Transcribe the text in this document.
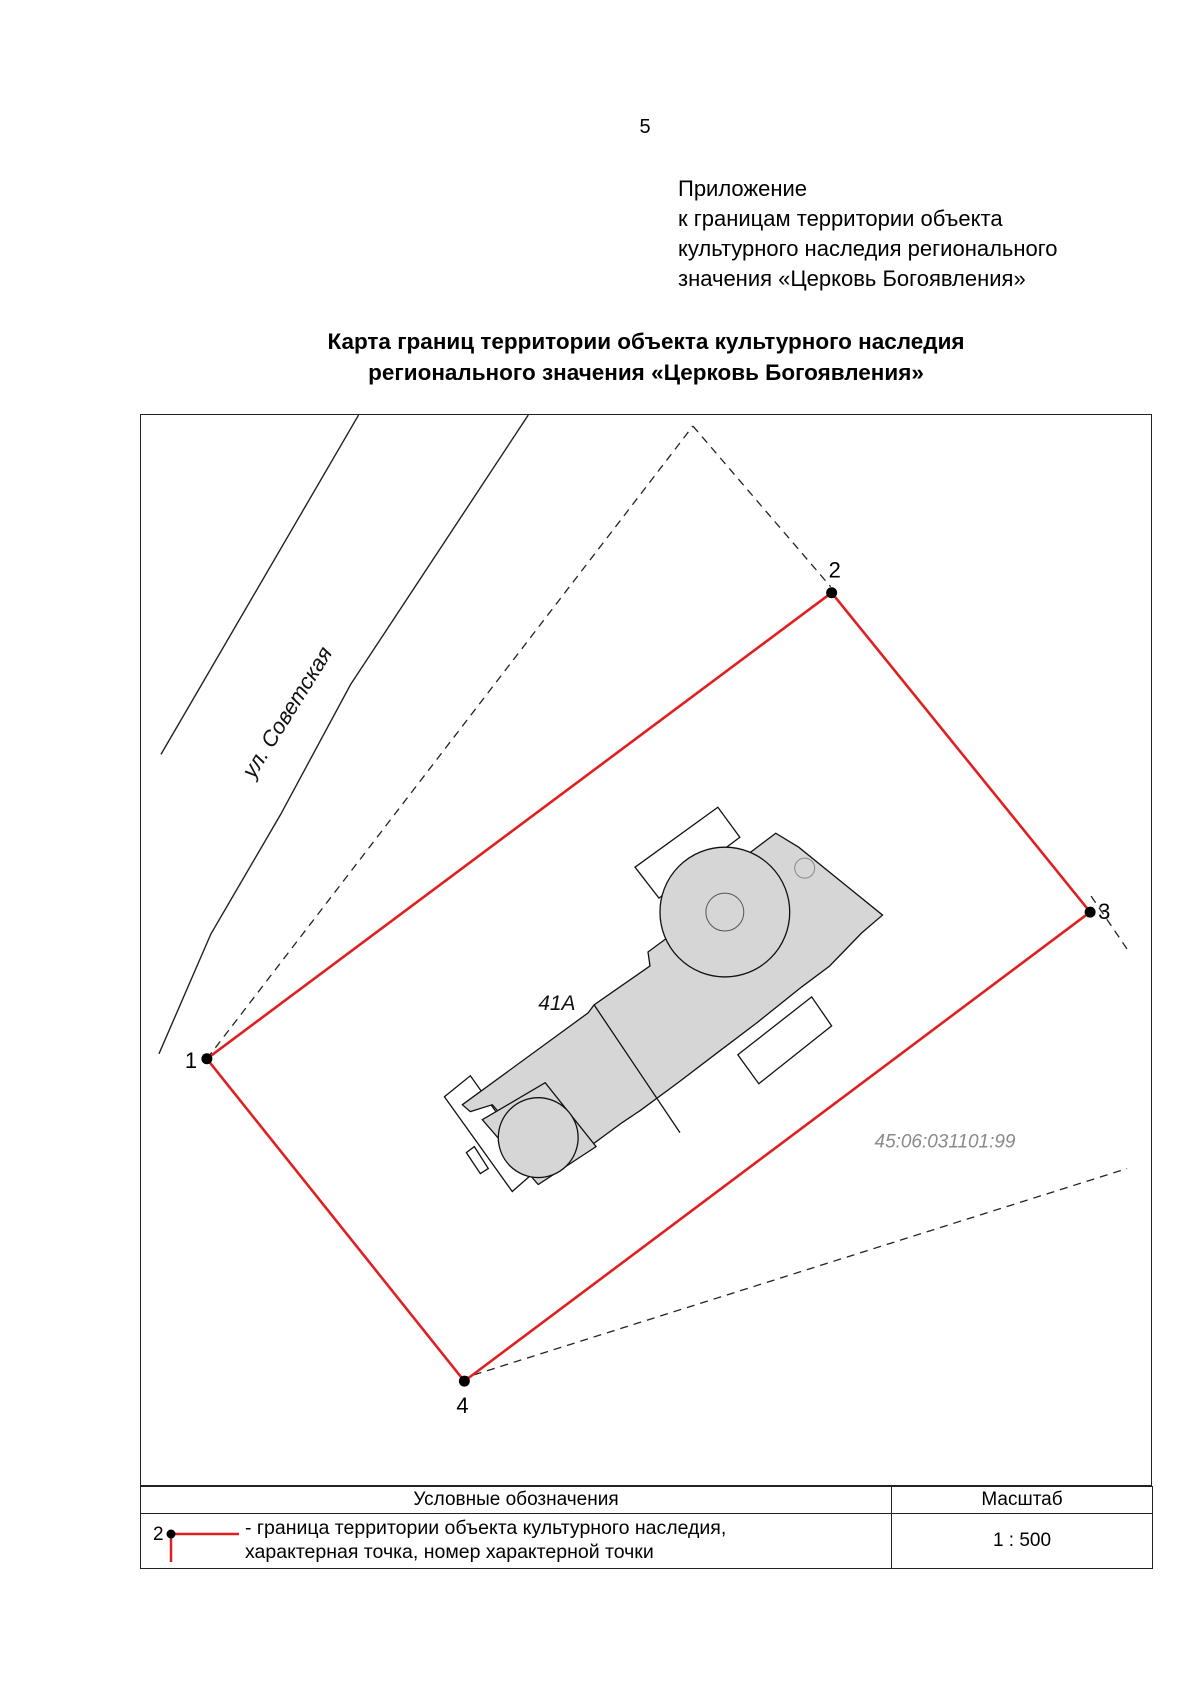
5
Приложение
к границам территории объекта
культурного наследия регионального
значения «Церковь Богоявления»
Карта границ территории объекта культурного наследия
регионального значения «Церковь Богоявления»
ул. Советская
41А
45:06:031101:99
1
2
3
4
Условные обозначения	Масштаб

2 - граница территории объекта культурного наследия,
характерная точка, номер характерной точки	1 : 500
